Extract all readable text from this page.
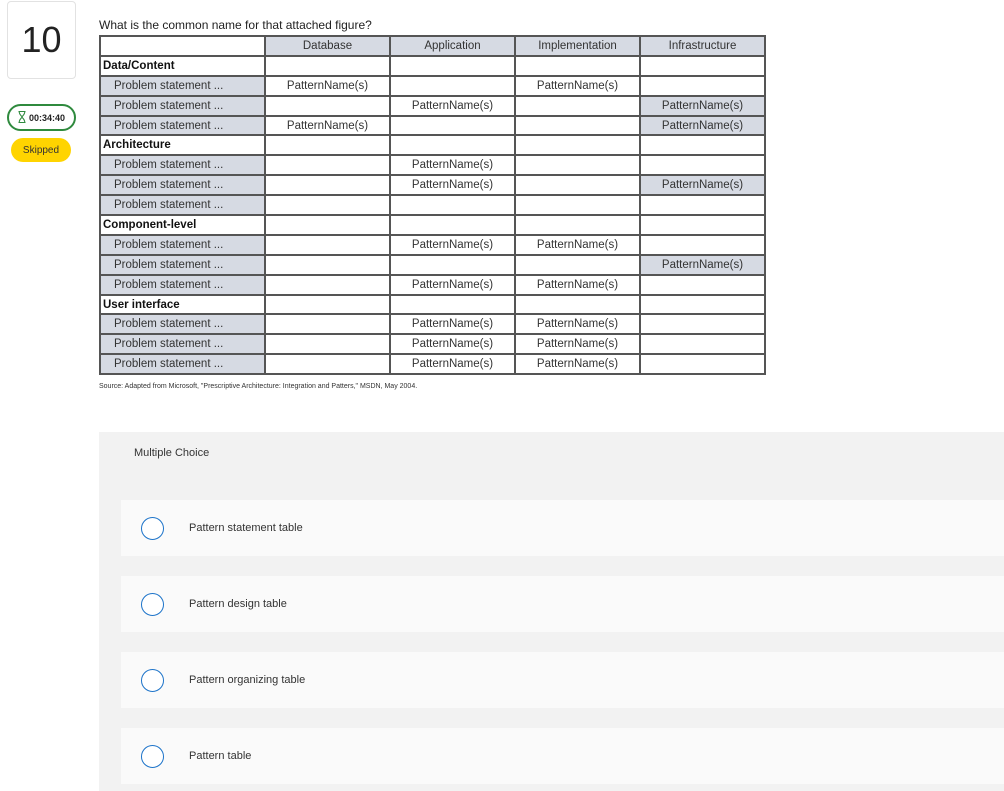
10
00:34:40
Skipped
What is the common name for that attached figure?
	Database	Application	Implementation	Infrastructure
Data/Content				
Problem statement ...	PatternName(s)		PatternName(s)	
Problem statement ...		PatternName(s)		PatternName(s)
Problem statement ...	PatternName(s)			PatternName(s)
Architecture				
Problem statement ...		PatternName(s)		
Problem statement ...		PatternName(s)		PatternName(s)
Problem statement ...				
Component-level				
Problem statement ...		PatternName(s)	PatternName(s)	
Problem statement ...				PatternName(s)
Problem statement ...		PatternName(s)	PatternName(s)	
User interface				
Problem statement ...		PatternName(s)	PatternName(s)	
Problem statement ...		PatternName(s)	PatternName(s)	
Problem statement ...		PatternName(s)	PatternName(s)	
Source: Adapted from Microsoft, "Prescriptive Architecture: Integration and Patters," MSDN, May 2004.
Multiple Choice
Pattern statement table
Pattern design table
Pattern organizing table
Pattern table
